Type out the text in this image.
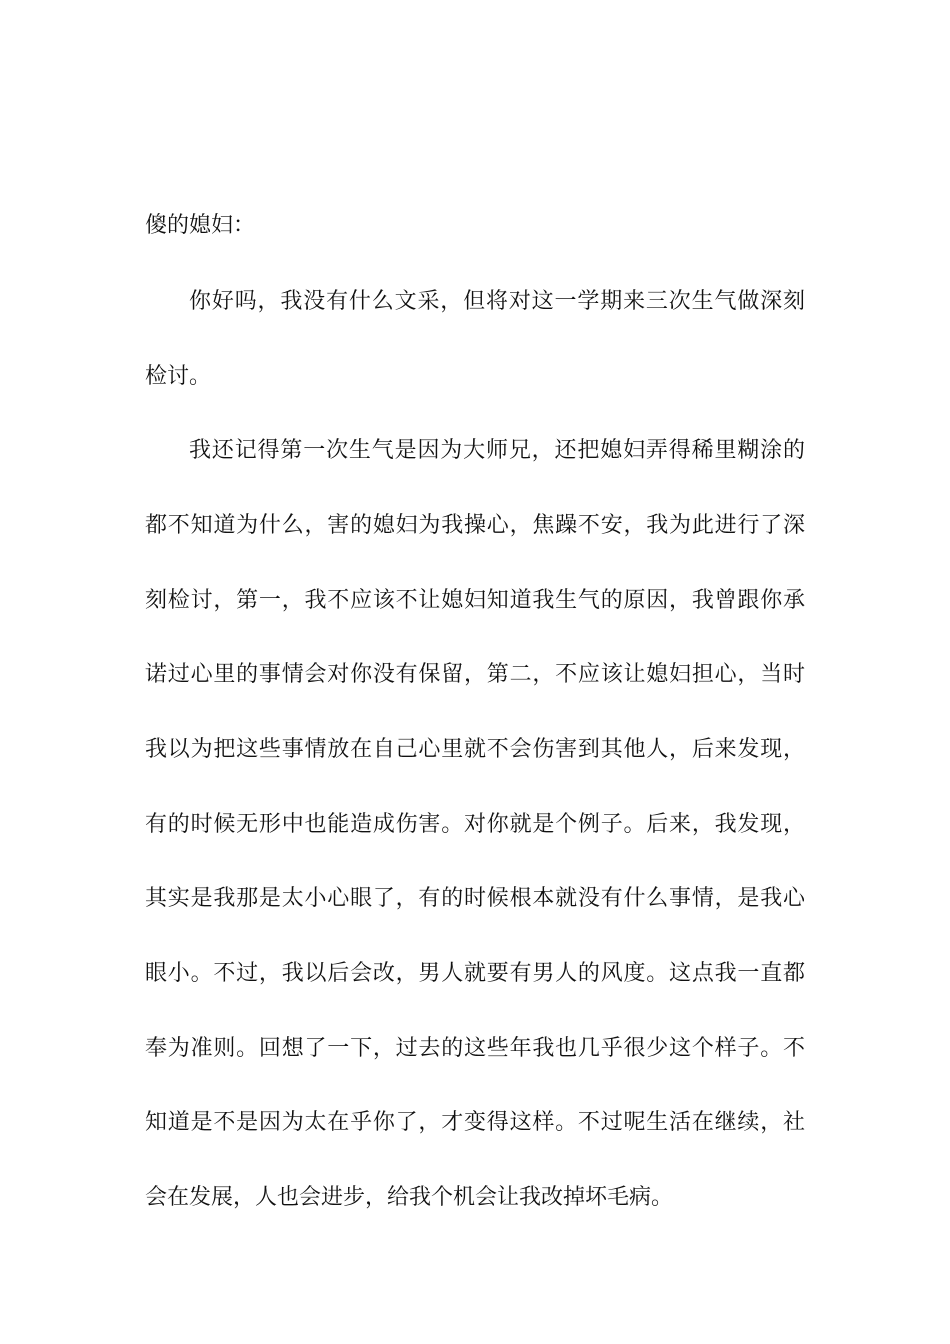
傻的媳妇：
你好吗，我没有什么文采，但将对这一学期来三次生气做深刻
检讨。
我还记得第一次生气是因为大师兄，还把媳妇弄得稀里糊涂的
都不知道为什么，害的媳妇为我操心，焦躁不安，我为此进行了深
刻检讨，第一，我不应该不让媳妇知道我生气的原因，我曾跟你承
诺过心里的事情会对你没有保留，第二，不应该让媳妇担心，当时
我以为把这些事情放在自己心里就不会伤害到其他人，后来发现，
有的时候无形中也能造成伤害。对你就是个例子。后来，我发现，
其实是我那是太小心眼了，有的时候根本就没有什么事情，是我心
眼小。不过，我以后会改，男人就要有男人的风度。这点我一直都
奉为准则。回想了一下，过去的这些年我也几乎很少这个样子。不
知道是不是因为太在乎你了，才变得这样。不过呢生活在继续，社
会在发展，人也会进步，给我个机会让我改掉坏毛病。
